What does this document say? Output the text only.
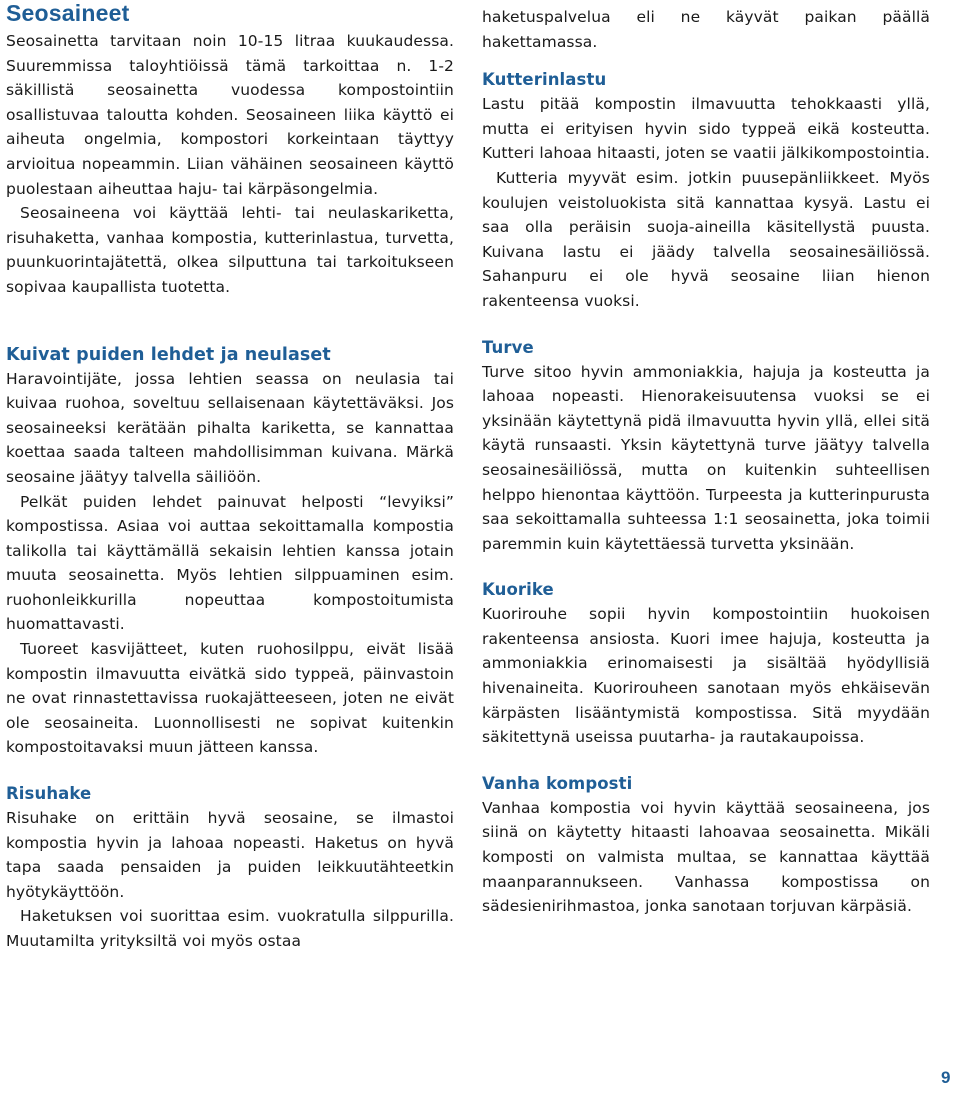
Seosaineet

Seosainetta tarvitaan noin 10-15 litraa kuukaudessa. Suuremmissa taloyhtiöissä tämä tarkoittaa n. 1-2 säkillistä seosainetta vuodessa kompostointiin osallistuvaa taloutta kohden. Seosaineen liika käyttö ei aiheuta ongelmia, kompostori korkeintaan täyttyy arvioitua nopeammin. Liian vähäinen seosaineen käyttö puolestaan aiheuttaa haju- tai kärpäsongelmia.

Seosaineena voi käyttää lehti- tai neulaskariketta, risuhaketta, vanhaa kompostia, kutterinlastua, turvetta, puunkuorintajätettä, olkea silputtuna tai tarkoitukseen sopivaa kaupallista tuotetta.

Kuivat puiden lehdet ja neulaset

Haravointijäte, jossa lehtien seassa on neulasia tai kuivaa ruohoa, soveltuu sellaisenaan käytettäväksi. Jos seosaineeksi kerätään pihalta kariketta, se kannattaa koettaa saada talteen mahdollisimman kuivana. Märkä seosaine jäätyy talvella säiliöön.

Pelkät puiden lehdet painuvat helposti “levyiksi” kompostissa. Asiaa voi auttaa sekoittamalla kompostia talikolla tai käyttämällä sekaisin lehtien kanssa jotain muuta seosainetta. Myös lehtien silppuaminen esim. ruohonleikkurilla nopeuttaa kompostoitumista huomattavasti.

Tuoreet kasvijätteet, kuten ruohosilppu, eivät lisää kompostin ilmavuutta eivätkä sido typpeä, päinvastoin ne ovat rinnastettavissa ruokajätteeseen, joten ne eivät ole seosaineita. Luonnollisesti ne sopivat kuitenkin kompostoitavaksi muun jätteen kanssa.

Risuhake

Risuhake on erittäin hyvä seosaine, se ilmastoi kompostia hyvin ja lahoaa nopeasti. Haketus on hyvä tapa saada pensaiden ja puiden leikkuutähteetkin hyötykäyttöön.

Haketuksen voi suorittaa esim. vuokratulla silppurilla. Muutamilta yrityksiltä voi myös ostaa

haketuspalvelua eli ne käyvät paikan päällä hakettamassa.

Kutterinlastu

Lastu pitää kompostin ilmavuutta tehokkaasti yllä, mutta ei erityisen hyvin sido typpeä eikä kosteutta. Kutteri lahoaa hitaasti, joten se vaatii jälkikompostointia.

Kutteria myyvät esim. jotkin puusepänliikkeet. Myös koulujen veistoluokista sitä kannattaa kysyä. Lastu ei saa olla peräisin suoja-aineilla käsitellystä puusta. Kuivana lastu ei jäädy talvella seosainesäiliössä. Sahanpuru ei ole hyvä seosaine liian hienon rakenteensa vuoksi.

Turve

Turve sitoo hyvin ammoniakkia, hajuja ja kosteutta ja lahoaa nopeasti. Hienorakeisuutensa vuoksi se ei yksinään käytettynä pidä ilmavuutta hyvin yllä, ellei sitä käytä runsaasti. Yksin käytettynä turve jäätyy talvella seosainesäiliössä, mutta on kuitenkin suhteellisen helppo hienontaa käyttöön. Turpeesta ja kutterinpurusta saa sekoittamalla suhteessa 1:1 seosainetta, joka toimii paremmin kuin käytettäessä turvetta yksinään.

Kuorike

Kuorirouhe sopii hyvin kompostointiin huokoisen rakenteensa ansiosta. Kuori imee hajuja, kosteutta ja ammoniakkia erinomaisesti ja sisältää hyödyllisiä hivenaineita. Kuorirouheen sanotaan myös ehkäisevän kärpästen lisääntymistä kompostissa. Sitä myydään säkitettynä useissa puutarha- ja rautakaupoissa.

Vanha komposti

Vanhaa kompostia voi hyvin käyttää seosaineena, jos siinä on käytetty hitaasti lahoavaa seosainetta. Mikäli komposti on valmista multaa, se kannattaa käyttää maanparannukseen. Vanhassa kompostissa on sädesienirihmastoa, jonka sanotaan torjuvan kärpäsiä.

9
